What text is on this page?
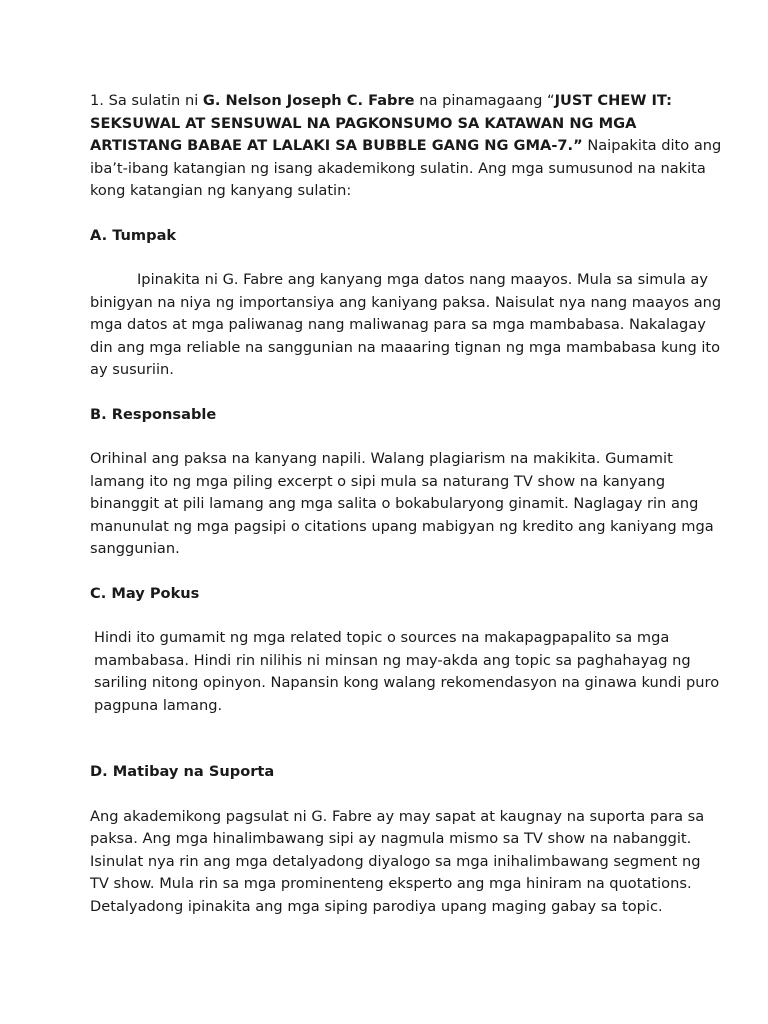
1. Sa sulatin ni G. Nelson Joseph C. Fabre na pinamagaang “JUST CHEW IT: SEKSUWAL AT SENSUWAL NA PAGKONSUMO SA KATAWAN NG MGA ARTISTANG BABAE AT LALAKI SA BUBBLE GANG NG GMA-7.” Naipakita dito ang iba’t-ibang katangian ng isang akademikong sulatin. Ang mga sumusunod na nakita kong katangian ng kanyang sulatin:

A. Tumpak

Ipinakita ni G. Fabre ang kanyang mga datos nang maayos. Mula sa simula ay binigyan na niya ng importansiya ang kaniyang paksa. Naisulat nya nang maayos ang mga datos at mga paliwanag nang maliwanag para sa mga mambabasa. Nakalagay din ang mga reliable na sanggunian na maaaring tignan ng mga mambabasa kung ito ay susuriin.

B. Responsable

Orihinal ang paksa na kanyang napili. Walang plagiarism na makikita. Gumamit lamang ito ng mga piling excerpt o sipi mula sa naturang TV show na kanyang binanggit at pili lamang ang mga salita o bokabularyong ginamit. Naglagay rin ang manunulat ng mga pagsipi o citations upang mabigyan ng kredito ang kaniyang mga sanggunian.

C. May Pokus

Hindi ito gumamit ng mga related topic o sources na makapagpapalito sa mga mambabasa. Hindi rin nilihis ni minsan ng may-akda ang topic sa paghahayag ng sariling nitong opinyon. Napansin kong walang rekomendasyon na ginawa kundi puro pagpuna lamang.

D. Matibay na Suporta

Ang akademikong pagsulat ni G. Fabre ay may sapat at kaugnay na suporta para sa paksa. Ang mga hinalimbawang sipi ay nagmula mismo sa TV show na nabanggit. Isinulat nya rin ang mga detalyadong diyalogo sa mga inihalimbawang segment ng TV show. Mula rin sa mga prominenteng eksperto ang mga hiniram na quotations. Detalyadong ipinakita ang mga siping parodiya upang maging gabay sa topic.
